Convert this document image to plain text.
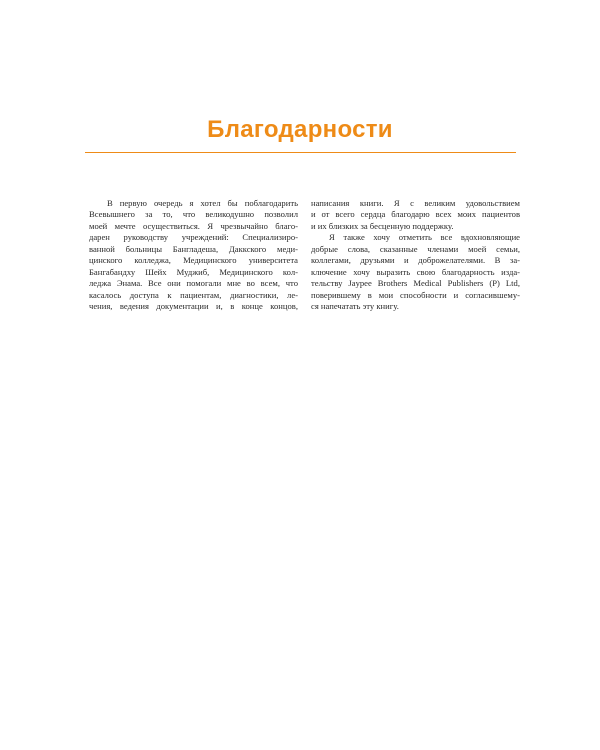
Благодарности
В первую очередь я хотел бы поблагодарить
Всевышнего за то, что великодушно позволил
моей мечте осуществиться. Я чрезвычайно благо-
дарен руководству учреждений: Специализиро-
ванной больницы Бангладеша, Даккского меди-
цинского колледжа, Медицинского университета
Бангабандху Шейх Муджиб, Медицинского кол-
леджа Энама. Все они помогали мне во всем, что
касалось доступа к пациентам, диагностики, ле-
чения, ведения документации и, в конце концов,
написания книги. Я с великим удовольствием
и от всего сердца благодарю всех моих пациентов
и их близких за бесценную поддержку.
Я также хочу отметить все вдохновляющие
добрые слова, сказанные членами моей семьи,
коллегами, друзьями и доброжелателями. В за-
ключение хочу выразить свою благодарность изда-
тельству Jaypee Brothers Medical Publishers (P) Ltd,
поверившему в мои способности и согласившему-
ся напечатать эту книгу.
